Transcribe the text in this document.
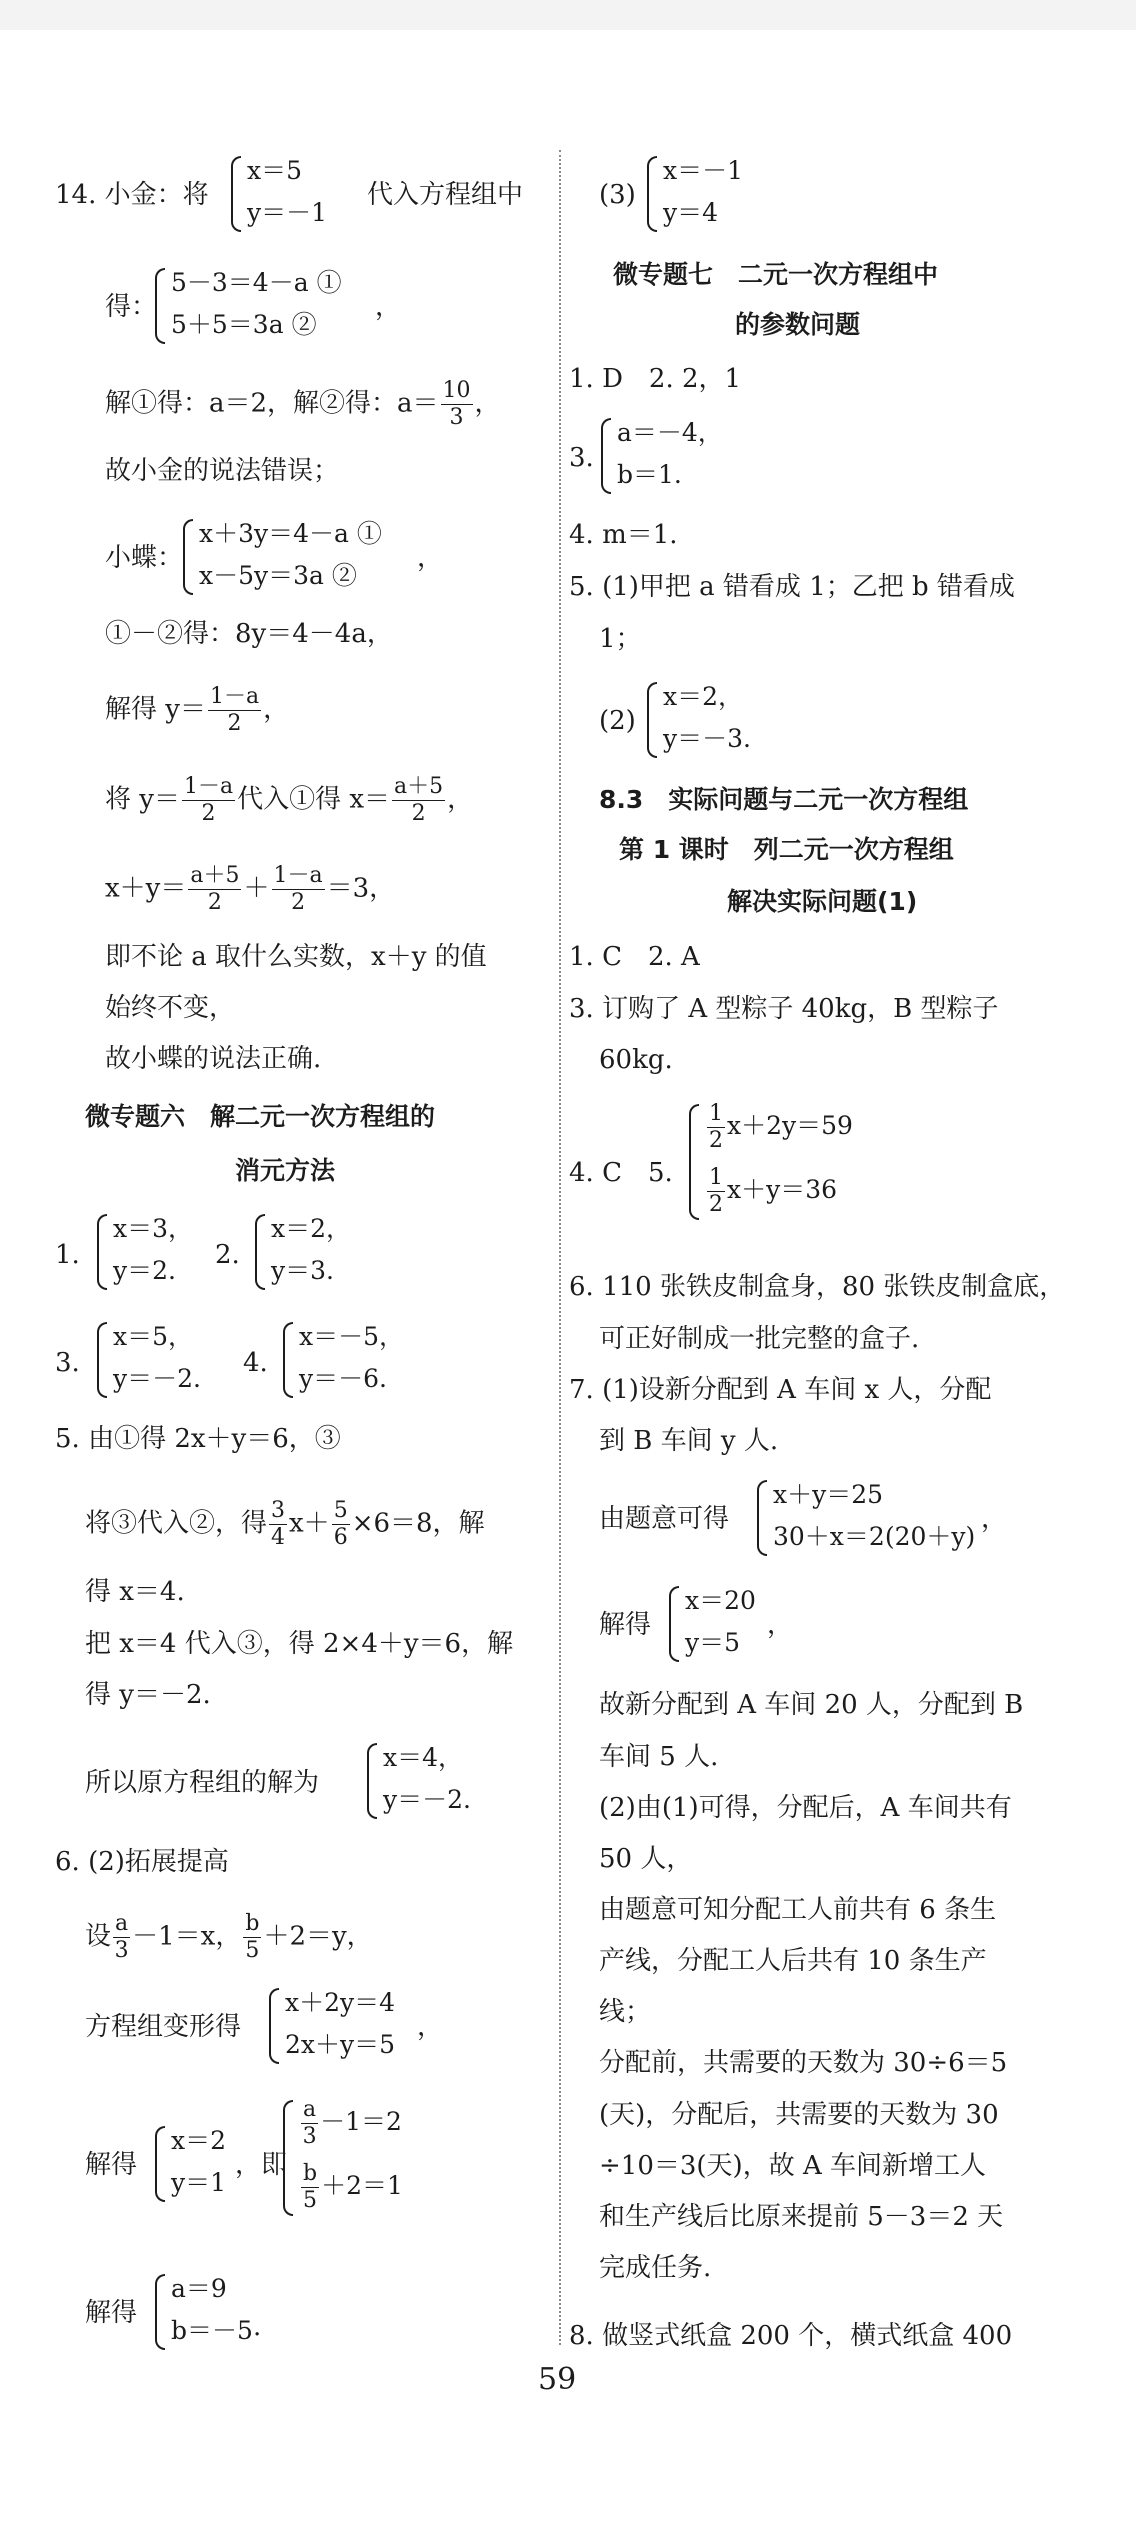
14. 小金：将
x＝5
y＝－1
代入方程组中
得：
5－3＝4－a ①
5＋5＝3a ②
，
解①得：a＝2，解②得：$a= \frac{10}{3}$ ，
故小金的说法错误；
小蝶：
x＋3y＝4－a ①
x－5y＝3a ②
，
①－②得：8y＝4－4a，
解得 $y= \frac{1-a}{2}$ ，
将 $y= \frac{1-a}{2}$ 代入①得 $x= \frac{a+5}{2}$ ，
$x+y= \frac{a+5}{2} + \frac{1-a}{2} =3$，
即不论 a 取什么实数，x＋y 的值
始终不变，
故小蝶的说法正确.
微专题六　解二元一次方程组的
消元方法
1.
x＝3，
y＝2.
2.
x＝2，
y＝3.
3.
x＝5，
y＝－2.
4.
x＝－5，
y＝－6.
5. 由①得 2x＋y＝6，③
将③代入②，得 $\frac{3}{4} x+ \frac{5}{6} \times 6=8$，解
得 x＝4.
把 x＝4 代入③，得 2×4＋y＝6，解
得 y＝－2.
所以原方程组的解为
x＝4，
y＝－2.
6. (2)拓展提高
设 $\frac{a}{3} -1=x$， $\frac{b}{5} +2=y$，
方程组变形得
x＋2y＝4
2x＋y＝5
，
解得
x＝2
y＝1
，即
$\frac{a}{3} -1=2$
$\frac{b}{5} +2=1$
解得
a＝9
b＝－5 .
(3)
x＝－1
y＝4
微专题七　二元一次方程组中
的参数问题
1. D　2. 2，1
3.
a＝－4，
b＝1.
4. m＝1.
5. (1)甲把 a 错看成 1；乙把 b 错看成
1；
(2)
x＝2，
y＝－3.
8.3　实际问题与二元一次方程组
第 1 课时　列二元一次方程组
解决实际问题(1)
1. C　2. A
3. 订购了 A 型粽子 40kg，B 型粽子
60kg.
4. C　5.
$\frac{1}{2} x+2y=59$
$\frac{1}{2} x+y=36$
6. 110 张铁皮制盒身，80 张铁皮制盒底，
可正好制成一批完整的盒子.
7. (1)设新分配到 A 车间 x 人，分配
到 B 车间 y 人.
由题意可得
x＋y＝25
30＋x＝2(20＋y)
，
解得
x＝20
y＝5
，
故新分配到 A 车间 20 人，分配到 B
车间 5 人.
(2)由(1)可得，分配后，A 车间共有
50 人，
由题意可知分配工人前共有 6 条生
产线，分配工人后共有 10 条生产
线；
分配前，共需要的天数为 30÷6＝5
(天)，分配后，共需要的天数为 30
÷10＝3(天)，故 A 车间新增工人
和生产线后比原来提前 5－3＝2 天
完成任务.
8. 做竖式纸盒 200 个，横式纸盒 400
59
